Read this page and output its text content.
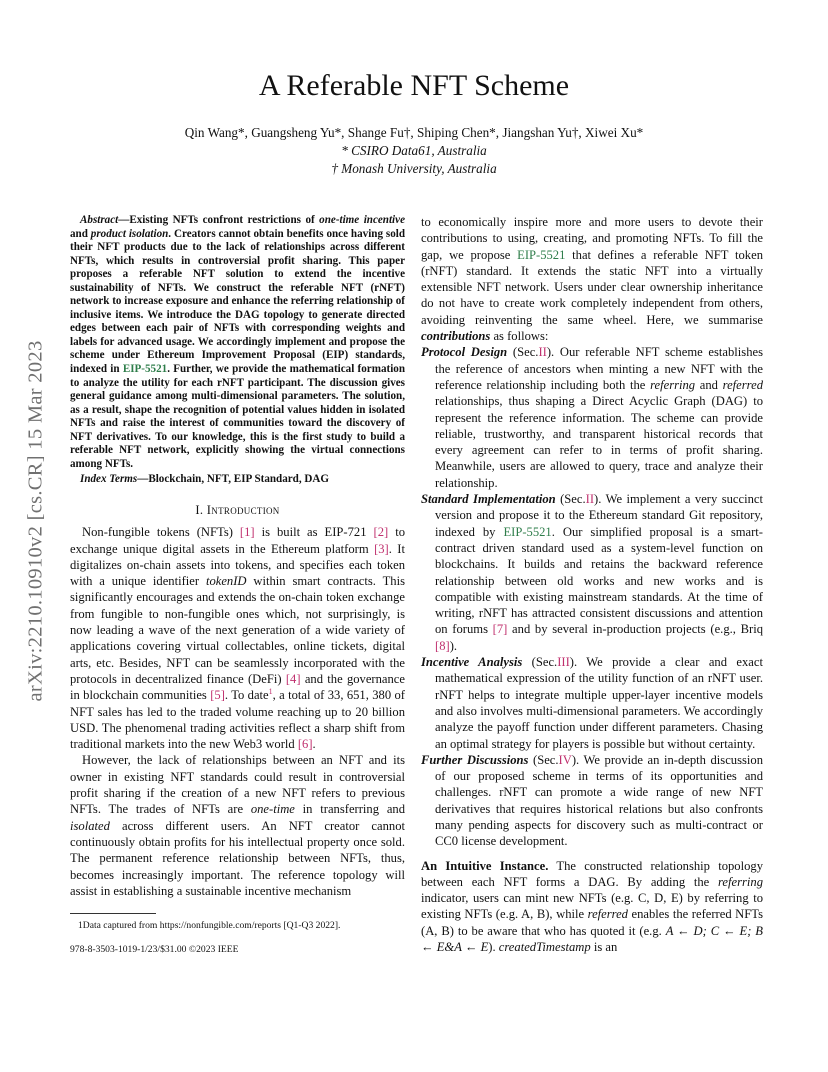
arXiv:2210.10910v2 [cs.CR] 15 Mar 2023
A Referable NFT Scheme
Qin Wang*, Guangsheng Yu*, Shange Fu†, Shiping Chen*, Jiangshan Yu†, Xiwei Xu*
* CSIRO Data61, Australia
† Monash University, Australia
Abstract—Existing NFTs confront restrictions of one-time incentive and product isolation. Creators cannot obtain benefits once having sold their NFT products due to the lack of relationships across different NFTs, which results in controversial profit sharing. This paper proposes a referable NFT solution to extend the incentive sustainability of NFTs. We construct the referable NFT (rNFT) network to increase exposure and enhance the referring relationship of inclusive items. We introduce the DAG topology to generate directed edges between each pair of NFTs with corresponding weights and labels for advanced usage. We accordingly implement and propose the scheme under Ethereum Improvement Proposal (EIP) standards, indexed in EIP-5521. Further, we provide the mathematical formation to analyze the utility for each rNFT participant. The discussion gives general guidance among multi-dimensional parameters. The solution, as a result, shape the recognition of potential values hidden in isolated NFTs and raise the interest of communities toward the discovery of NFT derivatives. To our knowledge, this is the first study to build a referable NFT network, explicitly showing the virtual connections among NFTs.
Index Terms—Blockchain, NFT, EIP Standard, DAG
I. Introduction

Non-fungible tokens (NFTs) [1] is built as EIP-721 [2] to exchange unique digital assets in the Ethereum platform [3]. It digitalizes on-chain assets into tokens, and specifies each token with a unique identifier tokenID within smart contracts. This significantly encourages and extends the on-chain token exchange from fungible to non-fungible ones which, not surprisingly, is now leading a wave of the next generation of a wide variety of applications covering virtual collectables, online tickets, digital arts, etc. Besides, NFT can be seamlessly incorporated with the protocols in decentralized finance (DeFi) [4] and the governance in blockchain communities [5]. To date$^1$, a total of 33, 651, 380 of NFT sales has led to the traded volume reaching up to 20 billion USD. The phenomenal trading activities reflect a sharp shift from traditional markets into the new Web3 world [6].

However, the lack of relationships between an NFT and its owner in existing NFT standards could result in controversial profit sharing if the creation of a new NFT refers to previous NFTs. The trades of NFTs are one-time in transferring and isolated across different users. An NFT creator cannot continuously obtain profits for his intellectual property once sold. The permanent reference relationship between NFTs, thus, becomes increasingly important. The reference topology will assist in establishing a sustainable incentive mechanism

1Data captured from https://nonfungible.com/reports [Q1-Q3 2022].
978-8-3503-1019-1/23/$31.00 ©2023 IEEE

to economically inspire more and more users to devote their contributions to using, creating, and promoting NFTs. To fill the gap, we propose EIP-5521 that defines a referable NFT token (rNFT) standard. It extends the static NFT into a virtually extensible NFT network. Users under clear ownership inheritance do not have to create work completely independent from others, avoiding reinventing the same wheel. Here, we summarise contributions as follows:

Protocol Design (Sec.II). Our referable NFT scheme establishes the reference of ancestors when minting a new NFT with the reference relationship including both the referring and referred relationships, thus shaping a Direct Acyclic Graph (DAG) to represent the reference information. The scheme can provide reliable, trustworthy, and transparent historical records that every agreement can refer to in terms of profit sharing. Meanwhile, users are allowed to query, trace and analyze their relationship.
Standard Implementation (Sec.II). We implement a very succinct version and propose it to the Ethereum standard Git repository, indexed by EIP-5521. Our simplified proposal is a smart-contract driven standard used as a system-level function on blockchains. It builds and retains the backward reference relationship between old works and new works and is compatible with existing mainstream standards. At the time of writing, rNFT has attracted consistent discussions and attention on forums [7] and by several in-production projects (e.g., Briq [8]).
Incentive Analysis (Sec.III). We provide a clear and exact mathematical expression of the utility function of an rNFT user. rNFT helps to integrate multiple upper-layer incentive models and also involves multi-dimensional parameters. We accordingly analyze the payoff function under different parameters. Chasing an optimal strategy for players is possible but without certainty.
Further Discussions (Sec.IV). We provide an in-depth discussion of our proposed scheme in terms of its opportunities and challenges. rNFT can promote a wide range of new NFT derivatives that requires historical relations but also confronts many pending aspects for discovery such as multi-contract or CC0 license development.

An Intuitive Instance. The constructed relationship topology between each NFT forms a DAG. By adding the referring indicator, users can mint new NFTs (e.g. C, D, E) by referring to existing NFTs (e.g. A, B), while referred enables the referred NFTs (A, B) to be aware that who has quoted it (e.g. A ← D; C ← E; B ← E&A ← E). createdTimestamp is an
